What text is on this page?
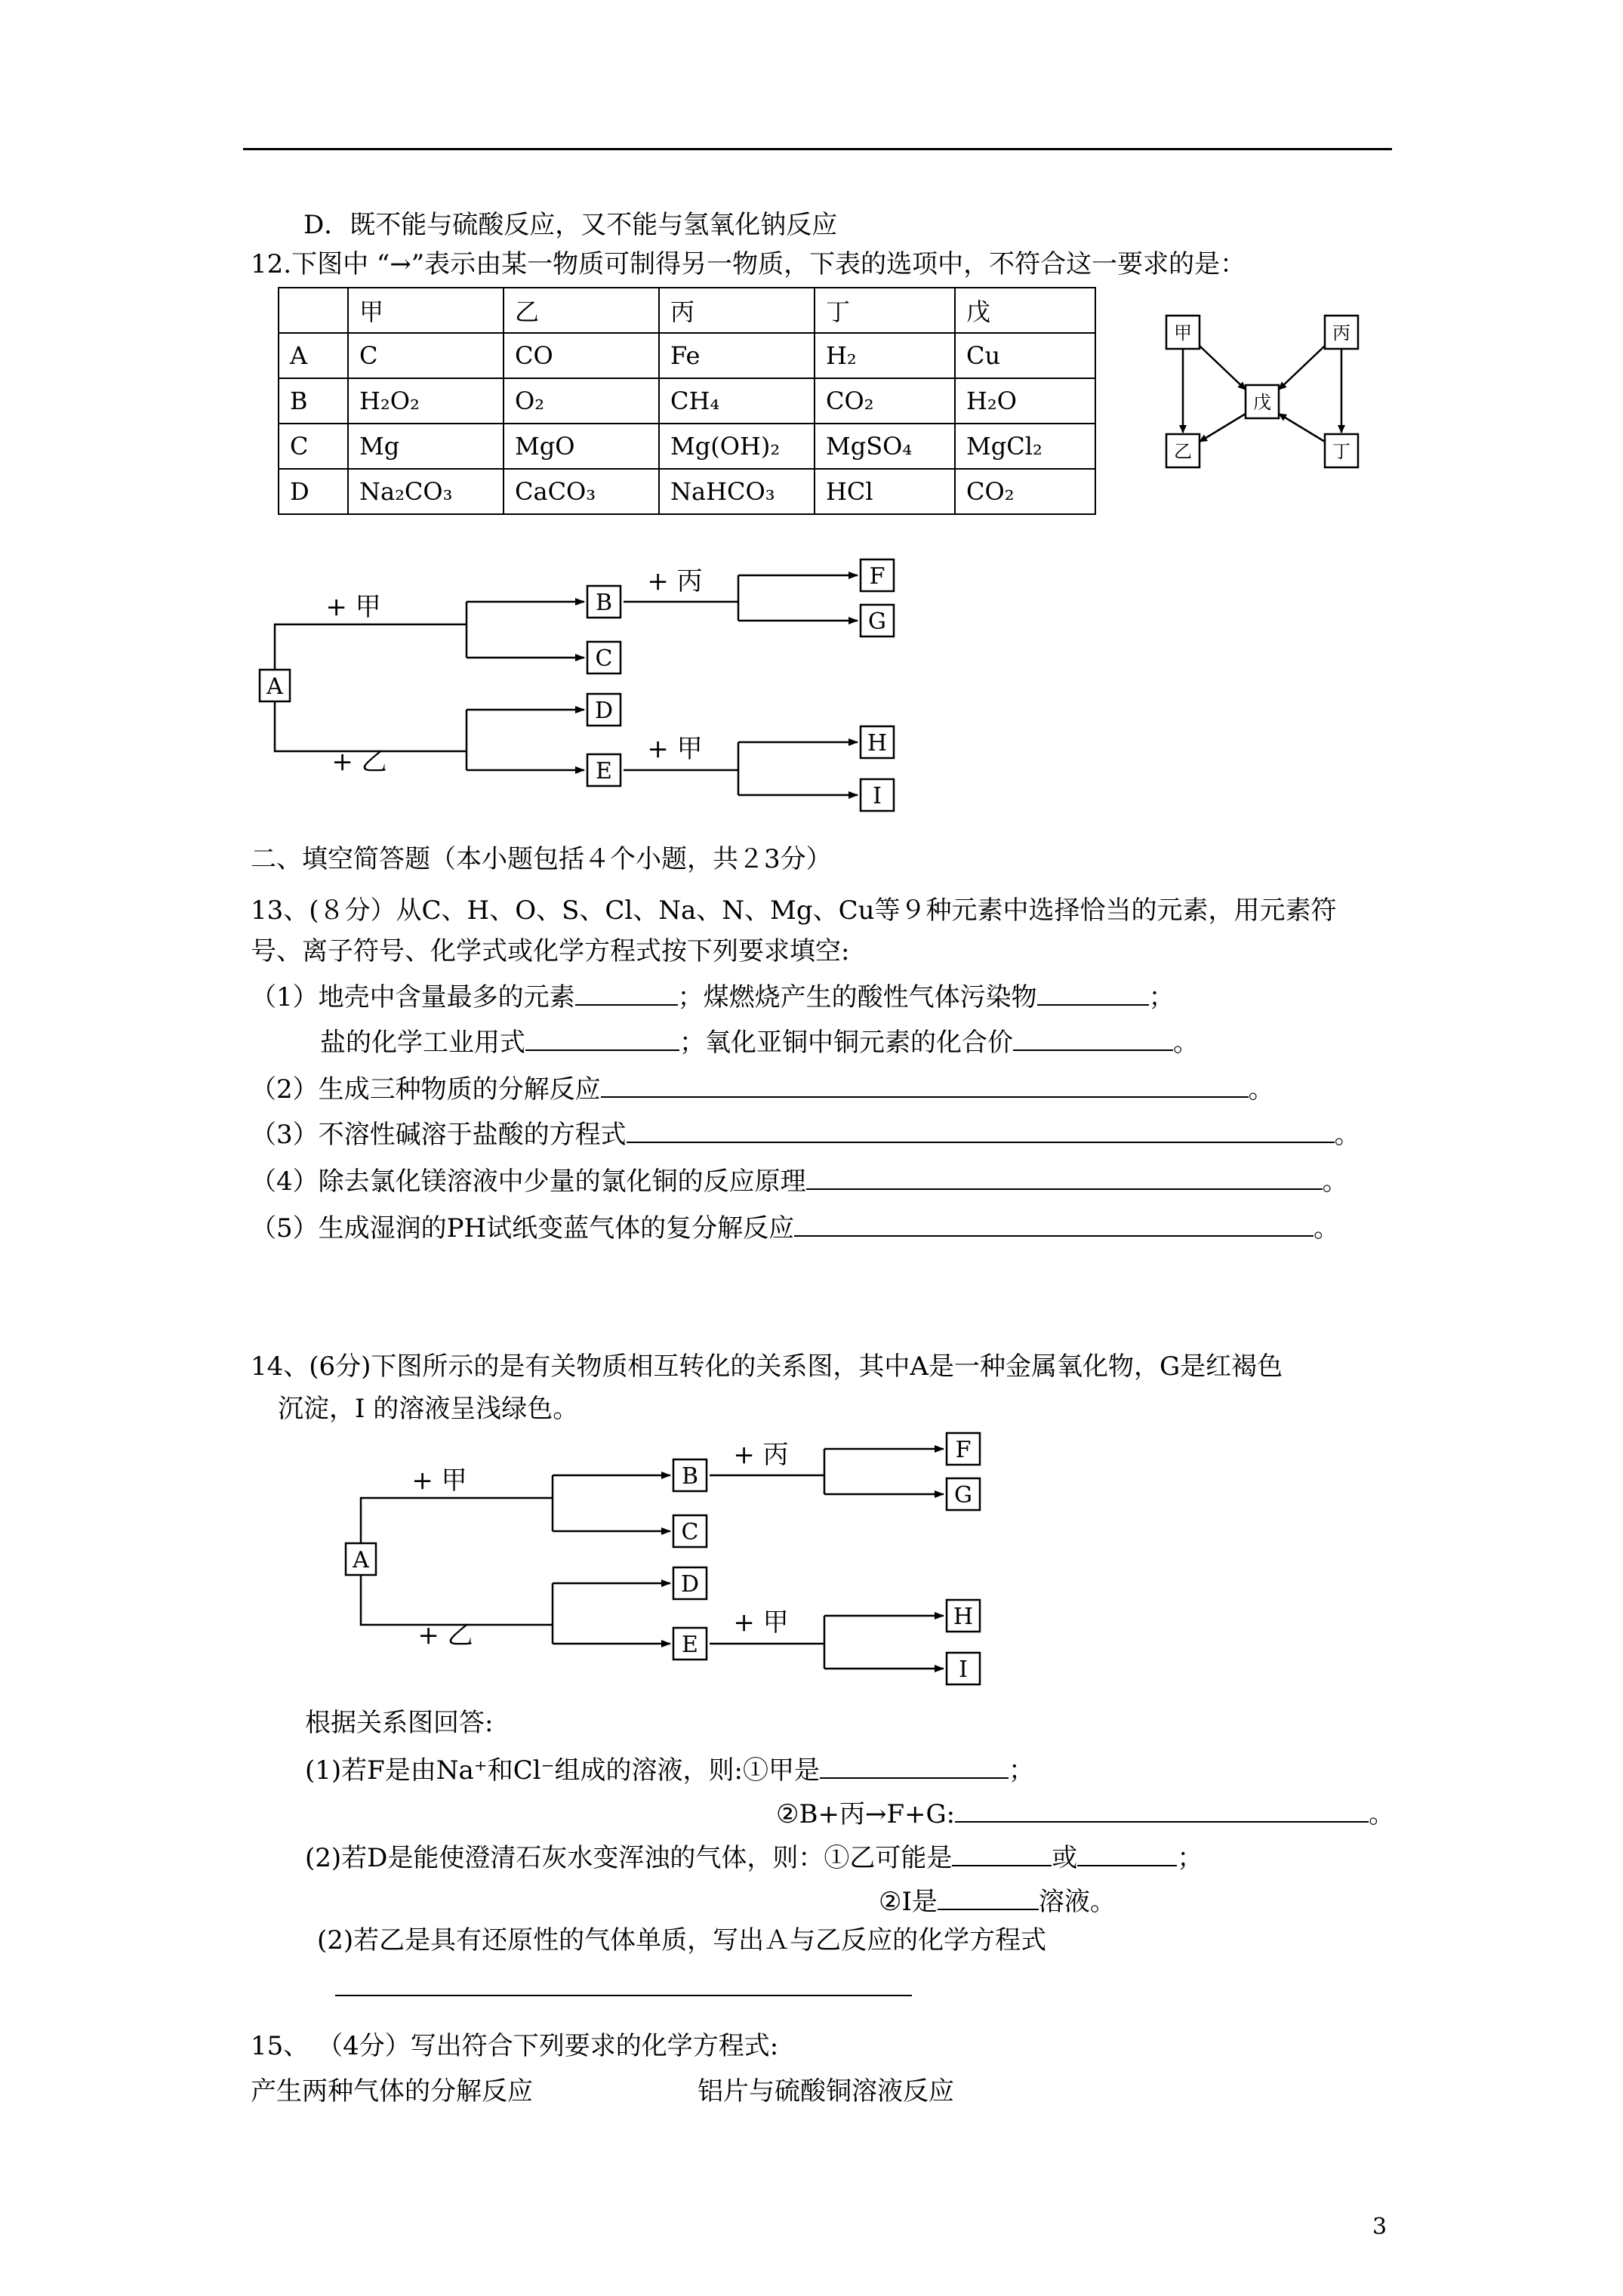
D．既不能与硫酸反应，又不能与氢氧化钠反应
12.下图中 “→”表示由某一物质可制得另一物质，下表的选项中，不符合这一要求的是：
	甲	乙	丙	丁	戊
A	C	CO	Fe	H₂	Cu
B	H₂O₂	O₂	CH₄	CO₂	H₂O
C	Mg	MgO	Mg(OH)₂	MgSO₄	MgCl₂
D	Na₂CO₃	CaCO₃	NaHCO₃	HCl	CO₂
甲	丙
戊
乙	丁
A
B
C
D
E
F
G
H
I
+ 甲
+ 乙
+ 丙
+ 甲
二、填空简答题（本小题包括４个小题，共２3分）
13、(８分）从C、H、O、S、Cl、Na、N、Mg、Cu等９种元素中选择恰当的元素，用元素符
号、离子符号、化学式或化学方程式按下列要求填空:
（1）地壳中含量最多的元素	；煤燃烧产生的酸性气体污染物	；
盐的化学工业用式	；氧化亚铜中铜元素的化合价	。
（2）生成三种物质的分解反应	。
（3）不溶性碱溶于盐酸的方程式	。
（4）除去氯化镁溶液中少量的氯化铜的反应原理	。
（5）生成湿润的PH试纸变蓝气体的复分解反应	。
14、(6分)下图所示的是有关物质相互转化的关系图，其中A是一种金属氧化物，G是红褐色
沉淀，I 的溶液呈浅绿色。
A
B
C
D
E
F
G
H
I
+ 甲
+ 乙
+ 丙
+ 甲
根据关系图回答:
(1)若F是由Na⁺和Cl⁻组成的溶液，则:①甲是	；
②B+丙→F+G:	。
(2)若D是能使澄清石灰水变浑浊的气体，则：①乙可能是	或	；
②I是	溶液。
(2)若乙是具有还原性的气体单质，写出Ａ与乙反应的化学方程式
15、 （4分）写出符合下列要求的化学方程式:
产生两种气体的分解反应	铝片与硫酸铜溶液反应
3
